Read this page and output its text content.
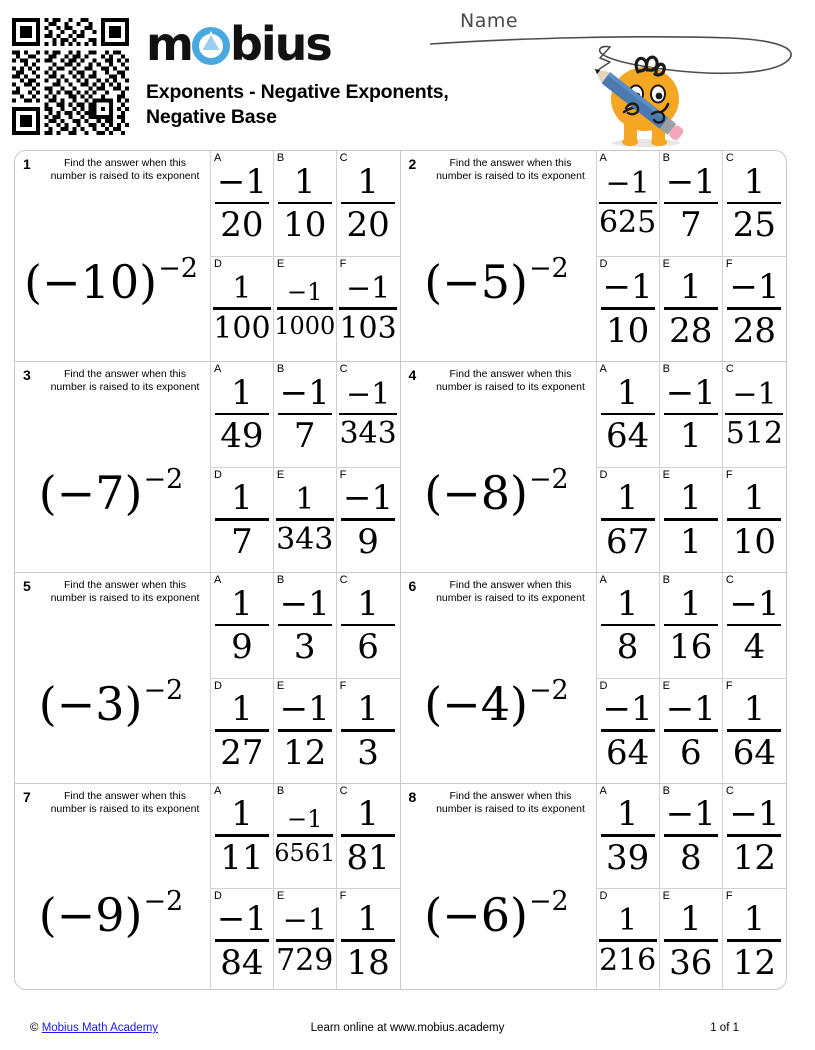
m bius
Exponents - Negative Exponents, Negative Base
Name
1	Find the answer when this number is raised to its exponent
(−10) −2
A
−1
20
B
1
10
C
1
20
D
1
100
E
−1
1000
F
−1
103
2	Find the answer when this number is raised to its exponent
(−5) −2
A
−1
625
B
−1
7
C
1
25
D
−1
10
E
1
28
F
−1
28
3	Find the answer when this number is raised to its exponent
(−7) −2
A
1
49
B
−1
7
C
−1
343
D
1
7
E
1
343
F
−1
9
4	Find the answer when this number is raised to its exponent
(−8) −2
A
1
64
B
−1
1
C
−1
512
D
1
67
E
1
1
F
1
10
5	Find the answer when this number is raised to its exponent
(−3) −2
A
1
9
B
−1
3
C
1
6
D
1
27
E
−1
12
F
1
3
6	Find the answer when this number is raised to its exponent
(−4) −2
A
1
8
B
1
16
C
−1
4
D
−1
64
E
−1
6
F
1
64
7	Find the answer when this number is raised to its exponent
(−9) −2
A
1
11
B
−1
6561
C
1
81
D
−1
84
E
−1
729
F
1
18
8	Find the answer when this number is raised to its exponent
(−6) −2
A
1
39
B
−1
8
C
−1
12
D
1
216
E
1
36
F
1
12
© Mobius Math Academy	Learn online at www.mobius.academy	1 of 1
